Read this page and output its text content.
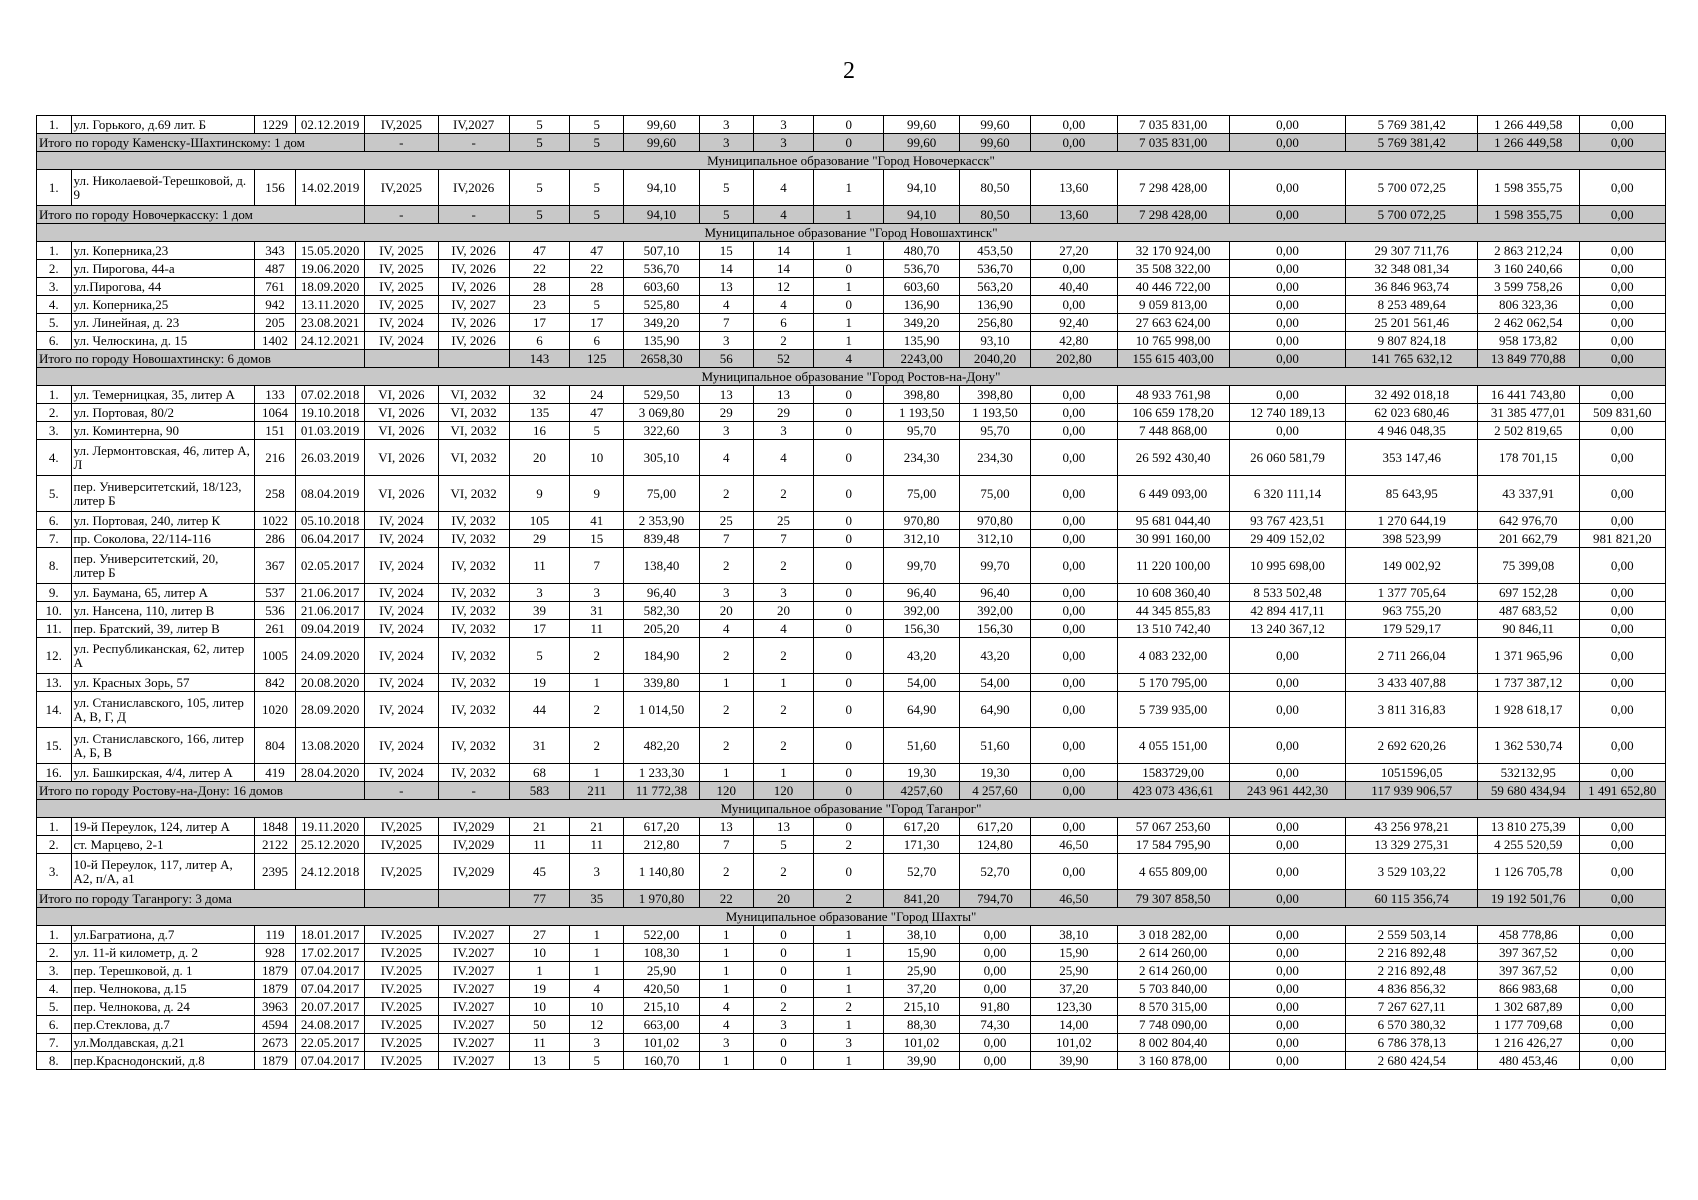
2
1.	ул. Горького, д.69 лит. Б	1229	02.12.2019	IV,2025	IV,2027	5	5	99,60	3	3	0	99,60	99,60	0,00	7 035 831,00	0,00	5 769 381,42	1 266 449,58	0,00
Итого по городу Каменску-Шахтинскому: 1 дом				-	-	5	5	99,60	3	3	0	99,60	99,60	0,00	7 035 831,00	0,00	5 769 381,42	1 266 449,58	0,00
Муниципальное образование "Город Новочеркасск"																			
1.	ул. Николаевой-Терешковой, д. 9	156	14.02.2019	IV,2025	IV,2026	5	5	94,10	5	4	1	94,10	80,50	13,60	7 298 428,00	0,00	5 700 072,25	1 598 355,75	0,00
Итого по городу Новочеркасску: 1 дом				-	-	5	5	94,10	5	4	1	94,10	80,50	13,60	7 298 428,00	0,00	5 700 072,25	1 598 355,75	0,00
Муниципальное образование "Город Новошахтинск"																			
1.	ул. Коперника,23	343	15.05.2020	IV, 2025	IV, 2026	47	47	507,10	15	14	1	480,70	453,50	27,20	32 170 924,00	0,00	29 307 711,76	2 863 212,24	0,00
2.	ул. Пирогова, 44-а	487	19.06.2020	IV, 2025	IV, 2026	22	22	536,70	14	14	0	536,70	536,70	0,00	35 508 322,00	0,00	32 348 081,34	3 160 240,66	0,00
3.	ул.Пирогова, 44	761	18.09.2020	IV, 2025	IV, 2026	28	28	603,60	13	12	1	603,60	563,20	40,40	40 446 722,00	0,00	36 846 963,74	3 599 758,26	0,00
4.	ул. Коперника,25	942	13.11.2020	IV, 2025	IV, 2027	23	5	525,80	4	4	0	136,90	136,90	0,00	9 059 813,00	0,00	8 253 489,64	806 323,36	0,00
5.	ул. Линейная, д. 23	205	23.08.2021	IV, 2024	IV, 2026	17	17	349,20	7	6	1	349,20	256,80	92,40	27 663 624,00	0,00	25 201 561,46	2 462 062,54	0,00
6.	ул. Челюскина, д. 15	1402	24.12.2021	IV, 2024	IV, 2026	6	6	135,90	3	2	1	135,90	93,10	42,80	10 765 998,00	0,00	9 807 824,18	958 173,82	0,00
Итого по городу Новошахтинску: 6 домов						143	125	2658,30	56	52	4	2243,00	2040,20	202,80	155 615 403,00	0,00	141 765 632,12	13 849 770,88	0,00
Муниципальное образование "Город Ростов-на-Дону"																			
1.	ул. Темерницкая, 35, литер А	133	07.02.2018	VI, 2026	VI, 2032	32	24	529,50	13	13	0	398,80	398,80	0,00	48 933 761,98	0,00	32 492 018,18	16 441 743,80	0,00
2.	ул. Портовая, 80/2	1064	19.10.2018	VI, 2026	VI, 2032	135	47	3 069,80	29	29	0	1 193,50	1 193,50	0,00	106 659 178,20	12 740 189,13	62 023 680,46	31 385 477,01	509 831,60
3.	ул. Коминтерна, 90	151	01.03.2019	VI, 2026	VI, 2032	16	5	322,60	3	3	0	95,70	95,70	0,00	7 448 868,00	0,00	4 946 048,35	2 502 819,65	0,00
4.	ул. Лермонтовская, 46, литер А, Л	216	26.03.2019	VI, 2026	VI, 2032	20	10	305,10	4	4	0	234,30	234,30	0,00	26 592 430,40	26 060 581,79	353 147,46	178 701,15	0,00
5.	пер. Университетский, 18/123, литер Б	258	08.04.2019	VI, 2026	VI, 2032	9	9	75,00	2	2	0	75,00	75,00	0,00	6 449 093,00	6 320 111,14	85 643,95	43 337,91	0,00
6.	ул. Портовая, 240, литер К	1022	05.10.2018	IV, 2024	IV, 2032	105	41	2 353,90	25	25	0	970,80	970,80	0,00	95 681 044,40	93 767 423,51	1 270 644,19	642 976,70	0,00
7.	пр. Соколова, 22/114-116	286	06.04.2017	IV, 2024	IV, 2032	29	15	839,48	7	7	0	312,10	312,10	0,00	30 991 160,00	29 409 152,02	398 523,99	201 662,79	981 821,20
8.	пер. Университетский, 20, литер Б	367	02.05.2017	IV, 2024	IV, 2032	11	7	138,40	2	2	0	99,70	99,70	0,00	11 220 100,00	10 995 698,00	149 002,92	75 399,08	0,00
9.	ул. Баумана, 65, литер А	537	21.06.2017	IV, 2024	IV, 2032	3	3	96,40	3	3	0	96,40	96,40	0,00	10 608 360,40	8 533 502,48	1 377 705,64	697 152,28	0,00
10.	ул. Нансена, 110, литер В	536	21.06.2017	IV, 2024	IV, 2032	39	31	582,30	20	20	0	392,00	392,00	0,00	44 345 855,83	42 894 417,11	963 755,20	487 683,52	0,00
11.	пер. Братский, 39, литер В	261	09.04.2019	IV, 2024	IV, 2032	17	11	205,20	4	4	0	156,30	156,30	0,00	13 510 742,40	13 240 367,12	179 529,17	90 846,11	0,00
12.	ул. Республиканская, 62, литер А	1005	24.09.2020	IV, 2024	IV, 2032	5	2	184,90	2	2	0	43,20	43,20	0,00	4 083 232,00	0,00	2 711 266,04	1 371 965,96	0,00
13.	ул. Красных Зорь, 57	842	20.08.2020	IV, 2024	IV, 2032	19	1	339,80	1	1	0	54,00	54,00	0,00	5 170 795,00	0,00	3 433 407,88	1 737 387,12	0,00
14.	ул. Станиславского, 105, литер А, В, Г, Д	1020	28.09.2020	IV, 2024	IV, 2032	44	2	1 014,50	2	2	0	64,90	64,90	0,00	5 739 935,00	0,00	3 811 316,83	1 928 618,17	0,00
15.	ул. Станиславского, 166, литер А, Б, В	804	13.08.2020	IV, 2024	IV, 2032	31	2	482,20	2	2	0	51,60	51,60	0,00	4 055 151,00	0,00	2 692 620,26	1 362 530,74	0,00
16.	ул. Башкирская, 4/4, литер А	419	28.04.2020	IV, 2024	IV, 2032	68	1	1 233,30	1	1	0	19,30	19,30	0,00	1583729,00	0,00	1051596,05	532132,95	0,00
Итого по городу Ростову-на-Дону: 16 домов				-	-	583	211	11 772,38	120	120	0	4257,60	4 257,60	0,00	423 073 436,61	243 961 442,30	117 939 906,57	59 680 434,94	1 491 652,80
Муниципальное образование "Город Таганрог"																			
1.	19-й Переулок, 124, литер А	1848	19.11.2020	IV,2025	IV,2029	21	21	617,20	13	13	0	617,20	617,20	0,00	57 067 253,60	0,00	43 256 978,21	13 810 275,39	0,00
2.	ст. Марцево, 2-1	2122	25.12.2020	IV,2025	IV,2029	11	11	212,80	7	5	2	171,30	124,80	46,50	17 584 795,90	0,00	13 329 275,31	4 255 520,59	0,00
3.	10-й Переулок, 117, литер А, А2, п/А, а1	2395	24.12.2018	IV,2025	IV,2029	45	3	1 140,80	2	2	0	52,70	52,70	0,00	4 655 809,00	0,00	3 529 103,22	1 126 705,78	0,00
Итого по городу Таганрогу: 3 дома						77	35	1 970,80	22	20	2	841,20	794,70	46,50	79 307 858,50	0,00	60 115 356,74	19 192 501,76	0,00
Муниципальное образование "Город Шахты"																			
1.	ул.Багратиона, д.7	119	18.01.2017	IV.2025	IV.2027	27	1	522,00	1	0	1	38,10	0,00	38,10	3 018 282,00	0,00	2 559 503,14	458 778,86	0,00
2.	ул. 11-й километр, д. 2	928	17.02.2017	IV.2025	IV.2027	10	1	108,30	1	0	1	15,90	0,00	15,90	2 614 260,00	0,00	2 216 892,48	397 367,52	0,00
3.	пер. Терешковой, д. 1	1879	07.04.2017	IV.2025	IV.2027	1	1	25,90	1	0	1	25,90	0,00	25,90	2 614 260,00	0,00	2 216 892,48	397 367,52	0,00
4.	пер. Челнокова, д.15	1879	07.04.2017	IV.2025	IV.2027	19	4	420,50	1	0	1	37,20	0,00	37,20	5 703 840,00	0,00	4 836 856,32	866 983,68	0,00
5.	пер. Челнокова, д. 24	3963	20.07.2017	IV.2025	IV.2027	10	10	215,10	4	2	2	215,10	91,80	123,30	8 570 315,00	0,00	7 267 627,11	1 302 687,89	0,00
6.	пер.Стеклова, д.7	4594	24.08.2017	IV.2025	IV.2027	50	12	663,00	4	3	1	88,30	74,30	14,00	7 748 090,00	0,00	6 570 380,32	1 177 709,68	0,00
7.	ул.Молдавская, д.21	2673	22.05.2017	IV.2025	IV.2027	11	3	101,02	3	0	3	101,02	0,00	101,02	8 002 804,40	0,00	6 786 378,13	1 216 426,27	0,00
8.	пер.Краснодонский, д.8	1879	07.04.2017	IV.2025	IV.2027	13	5	160,70	1	0	1	39,90	0,00	39,90	3 160 878,00	0,00	2 680 424,54	480 453,46	0,00
